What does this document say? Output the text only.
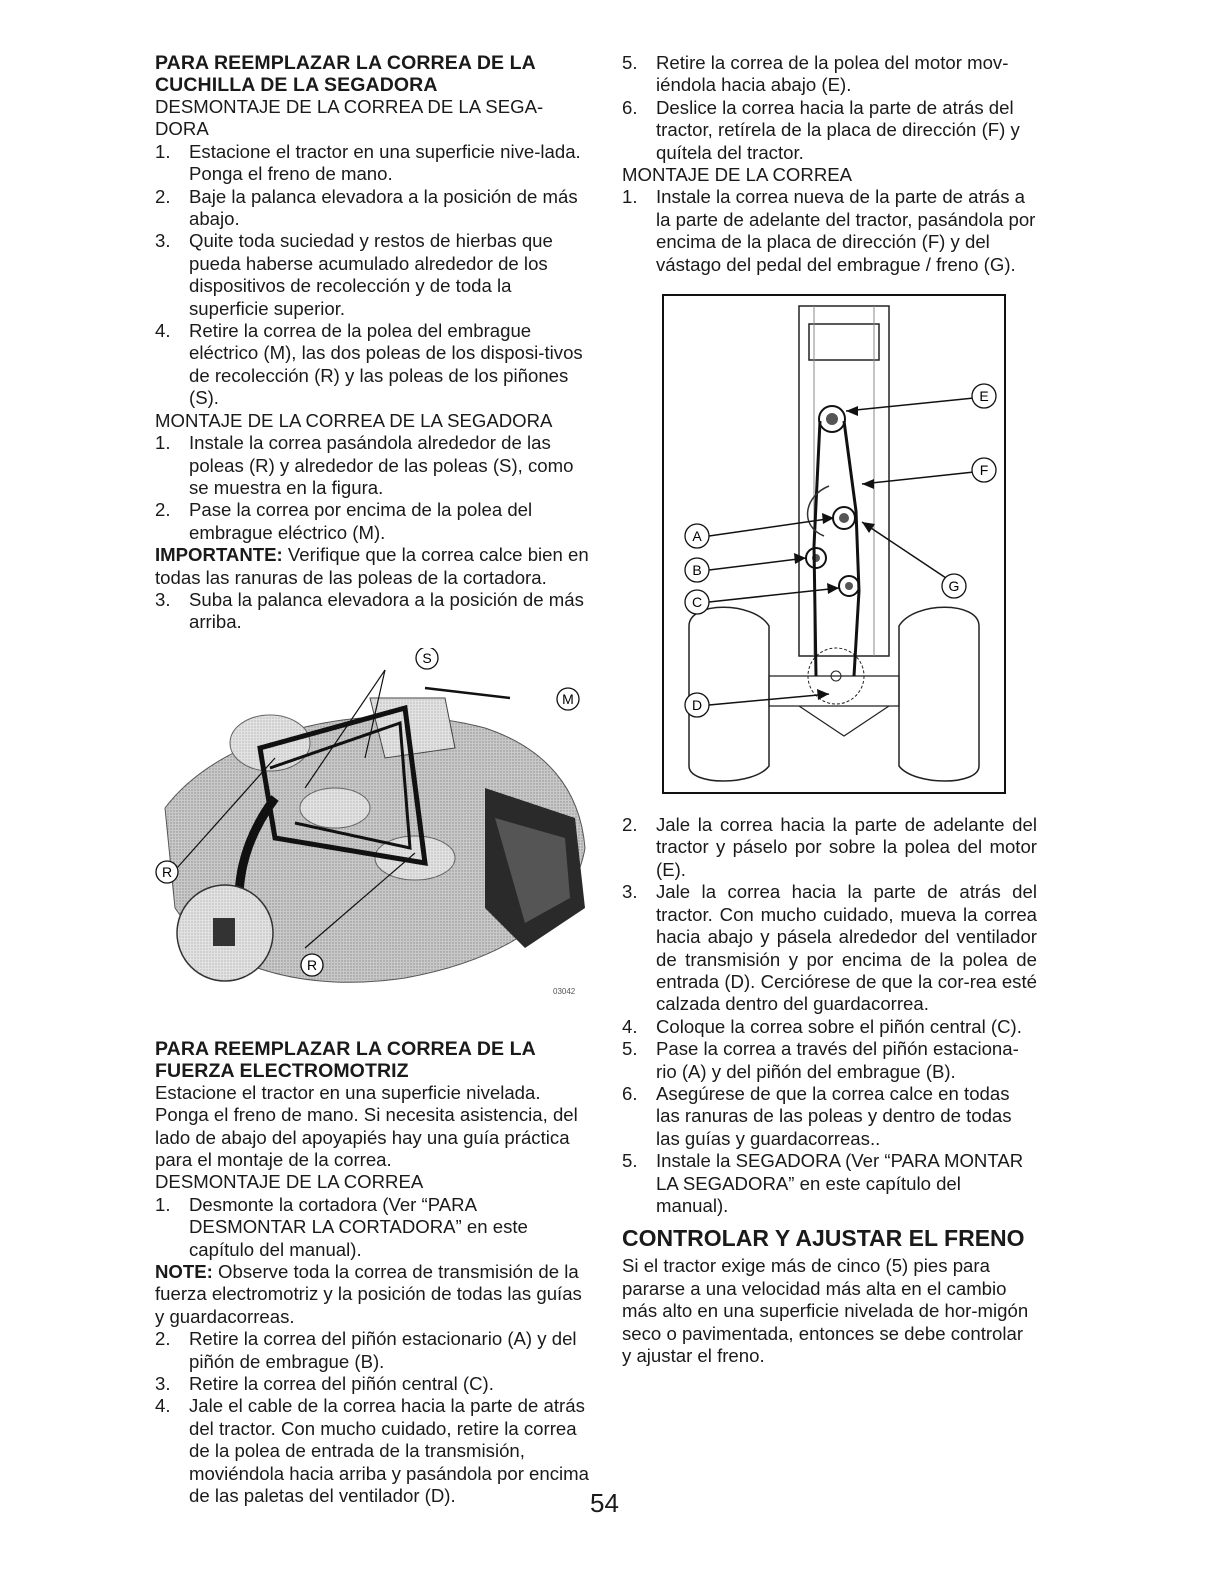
PARA REEMPLAZAR LA CORREA DE LA
CUCHILLA DE LA SEGADORA
DESMONTAJE DE LA CORREA DE LA SEGA-DORA
1. Estacione el tractor en una superficie nive-lada. Ponga el freno de mano.
2. Baje la palanca elevadora a la posición de más abajo.
3. Quite toda suciedad y restos de hierbas que pueda haberse acumulado alrededor de los dispositivos de recolección y de toda la superficie superior.
4. Retire la correa de la polea del embrague eléctrico (M), las dos poleas de los disposi-tivos de recolección (R) y las poleas de los piñones (S).
MONTAJE DE LA CORREA DE LA SEGADORA
1. Instale la correa pasándola alrededor de las poleas (R) y alrededor de las poleas (S), como se muestra en la figura.
2. Pase la correa por encima de la polea del embrague eléctrico (M).
IMPORTANTE: Verifique que la correa calce bien en todas las ranuras de las poleas de la cortadora.
3. Suba la palanca elevadora a la posición de más arriba.
S
M
R
R
03042
PARA REEMPLAZAR LA CORREA DE LA
FUERZA ELECTROMOTRIZ
Estacione el tractor en una superficie nivelada. Ponga el freno de mano. Si necesita asistencia, del lado de abajo del apoyapiés hay una guía práctica para el montaje de la correa.
DESMONTAJE DE LA CORREA
1. Desmonte la cortadora (Ver “PARA DESMONTAR LA CORTADORA” en este capítulo del manual).
NOTE: Observe toda la correa de transmisión de la fuerza electromotriz y la posición de todas las guías y guardacorreas.
2. Retire la correa del piñón estacionario (A) y del piñón de embrague (B).
3. Retire la correa del piñón central (C).
4. Jale el cable de la correa hacia la parte de atrás del tractor. Con mucho cuidado, retire la correa de la polea de entrada de la transmisión, moviéndola hacia arriba y pasándola por encima de las paletas del ventilador (D).
5. Retire la correa de la polea del motor mov-iéndola hacia abajo (E).
6. Deslice la correa hacia la parte de atrás del tractor, retírela de la placa de dirección (F) y quítela del tractor.
MONTAJE DE LA CORREA
1. Instale la correa nueva de la parte de atrás a la parte de adelante del tractor, pasándola por encima de la placa de dirección (F) y del vástago del pedal del embrague / freno (G).
E
F
G
A
B
C
D
2. Jale la correa hacia la parte de adelante del tractor y páselo por sobre la polea del motor (E).
3. Jale la correa hacia la parte de atrás del tractor. Con mucho cuidado, mueva la correa hacia abajo y pásela alrededor del ventilador de transmisión y por encima de la polea de entrada (D). Cerciórese de que la cor-rea esté calzada dentro del guardacorrea.
4. Coloque la correa sobre el piñón central (C).
5. Pase la correa a través del piñón estaciona-rio (A) y del piñón del embrague (B).
6. Asegúrese de que la correa calce en todas las ranuras de las poleas y dentro de todas las guías y guardacorreas..
5. Instale la SEGADORA (Ver “PARA MONTAR LA SEGADORA” en este capítulo del manual).
CONTROLAR Y AJUSTAR EL FRENO
Si el tractor exige más de cinco (5) pies para pararse a una velocidad más alta en el cambio más alto en una superficie nivelada de hor-migón seco o pavimentada, entonces se debe controlar y ajustar el freno.
54
